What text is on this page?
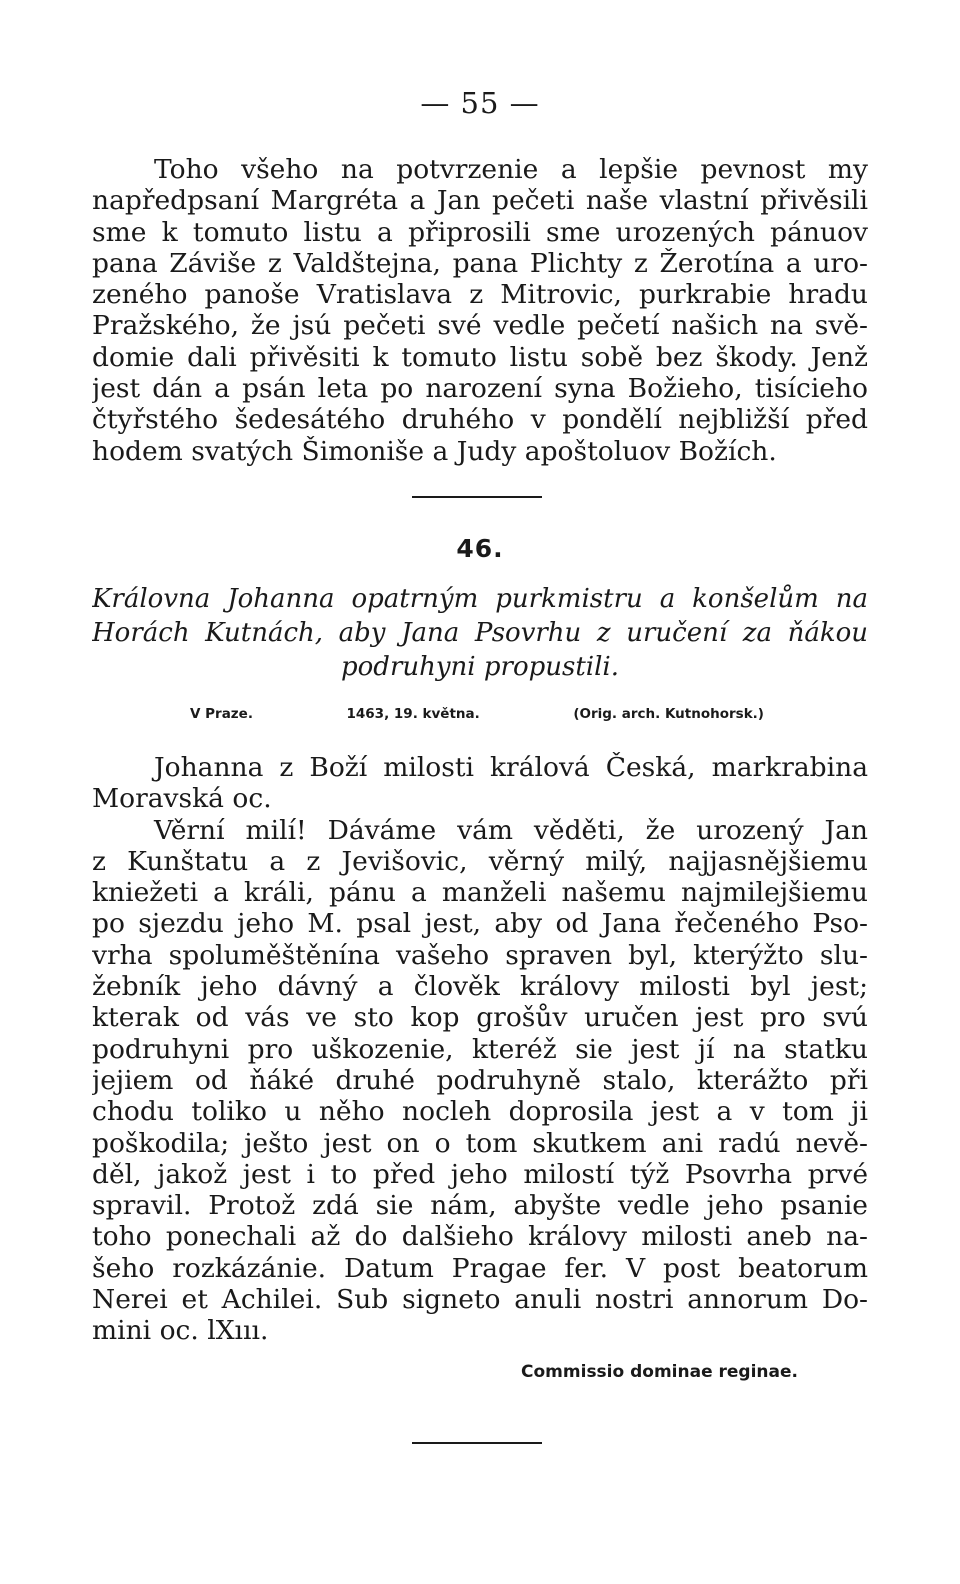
— 55 —
Toho všeho na potvrzenie a lepšie pevnost my
napředpsaní Margréta a Jan pečeti naše vlastní přivěsili
sme k tomuto listu a připrosili sme urozených pánuov
pana Záviše z Valdštejna, pana Plichty z Žerotína a uro-
zeného panoše Vratislava z Mitrovic, purkrabie hradu
Pražského, že jsú pečeti své vedle pečetí našich na svě-
domie dali přivěsiti k tomuto listu sobě bez škody. Jenž
jest dán a psán leta po narození syna Božieho, tisícieho
čtyřstého šedesátého druhého v pondělí nejbližší před
hodem svatých Šimoniše a Judy apoštoluov Božích.
46.
Královna Johanna opatrným purkmistru a konšelům na
Horách Kutnách, aby Jana Psovrhu z uručení za ňákou
podruhyni propustili.
V Praze.	1463, 19. května.	(Orig. arch. Kutnohorsk.)
Johanna z Boží milosti králová Česká, markrabina
Moravská oc.
Věrní milí! Dáváme vám věděti, že urozený Jan
z Kunštatu a z Jevišovic, věrný milý, najjasnějšiemu
kniežeti a králi, pánu a manželi našemu najmilejšiemu
po sjezdu jeho M. psal jest, aby od Jana řečeného Pso-
vrha spoluměštěnína vašeho spraven byl, kterýžto slu-
žebník jeho dávný a člověk královy milosti byl jest;
kterak od vás ve sto kop grošův uručen jest pro svú
podruhyni pro uškozenie, kteréž sie jest jí na statku
jejiem od ňáké druhé podruhyně stalo, kterážto při
chodu toliko u něho nocleh doprosila jest a v tom ji
poškodila; ješto jest on o tom skutkem ani radú nevě-
děl, jakož jest i to před jeho milostí týž Psovrha prvé
spravil. Protož zdá sie nám, abyšte vedle jeho psanie
toho ponechali až do dalšieho královy milosti aneb na-
šeho rozkázánie. Datum Pragae fer. V post beatorum
Nerei et Achilei. Sub signeto anuli nostri annorum Do-
mini oc. lXııı.
Commissio dominae reginae.
